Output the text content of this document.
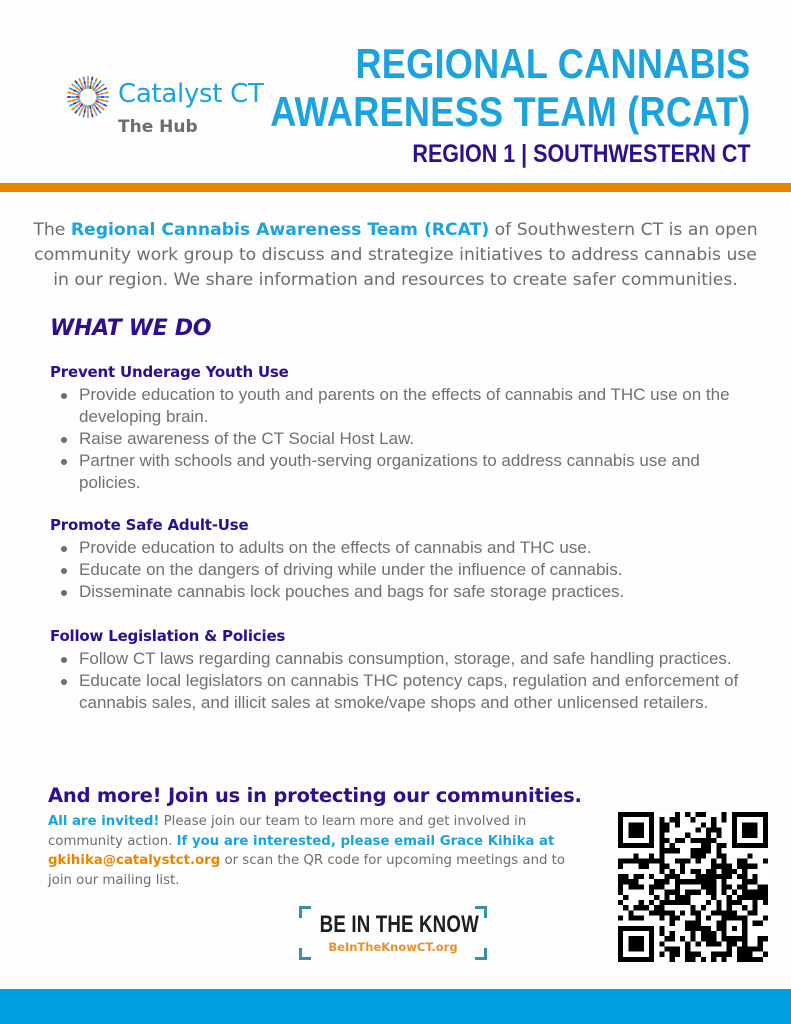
Catalyst CT
The Hub
REGIONAL CANNABIS
AWARENESS TEAM (RCAT)
REGION 1 | SOUTHWESTERN CT
The Regional Cannabis Awareness Team (RCAT) of Southwestern CT is an open community work group to discuss and strategize initiatives to address cannabis use in our region. We share information and resources to create safer communities.
WHAT WE DO
Prevent Underage Youth Use
Provide education to youth and parents on the effects of cannabis and THC use on the developing brain.
Raise awareness of the CT Social Host Law.
Partner with schools and youth-serving organizations to address cannabis use and policies.
Promote Safe Adult-Use
Provide education to adults on the effects of cannabis and THC use.
Educate on the dangers of driving while under the influence of cannabis.
Disseminate cannabis lock pouches and bags for safe storage practices.
Follow Legislation & Policies
Follow CT laws regarding cannabis consumption, storage, and safe handling practices.
Educate local legislators on cannabis THC potency caps, regulation and enforcement of cannabis sales, and illicit sales at smoke/vape shops and other unlicensed retailers.
And more! Join us in protecting our communities.
All are invited! Please join our team to learn more and get involved in community action. If you are interested, please email Grace Kihika at
gkihika@catalystct.org or scan the QR code for upcoming meetings and to join our mailing list.
BE IN THE KNOW
BeInTheKnowCT.org
